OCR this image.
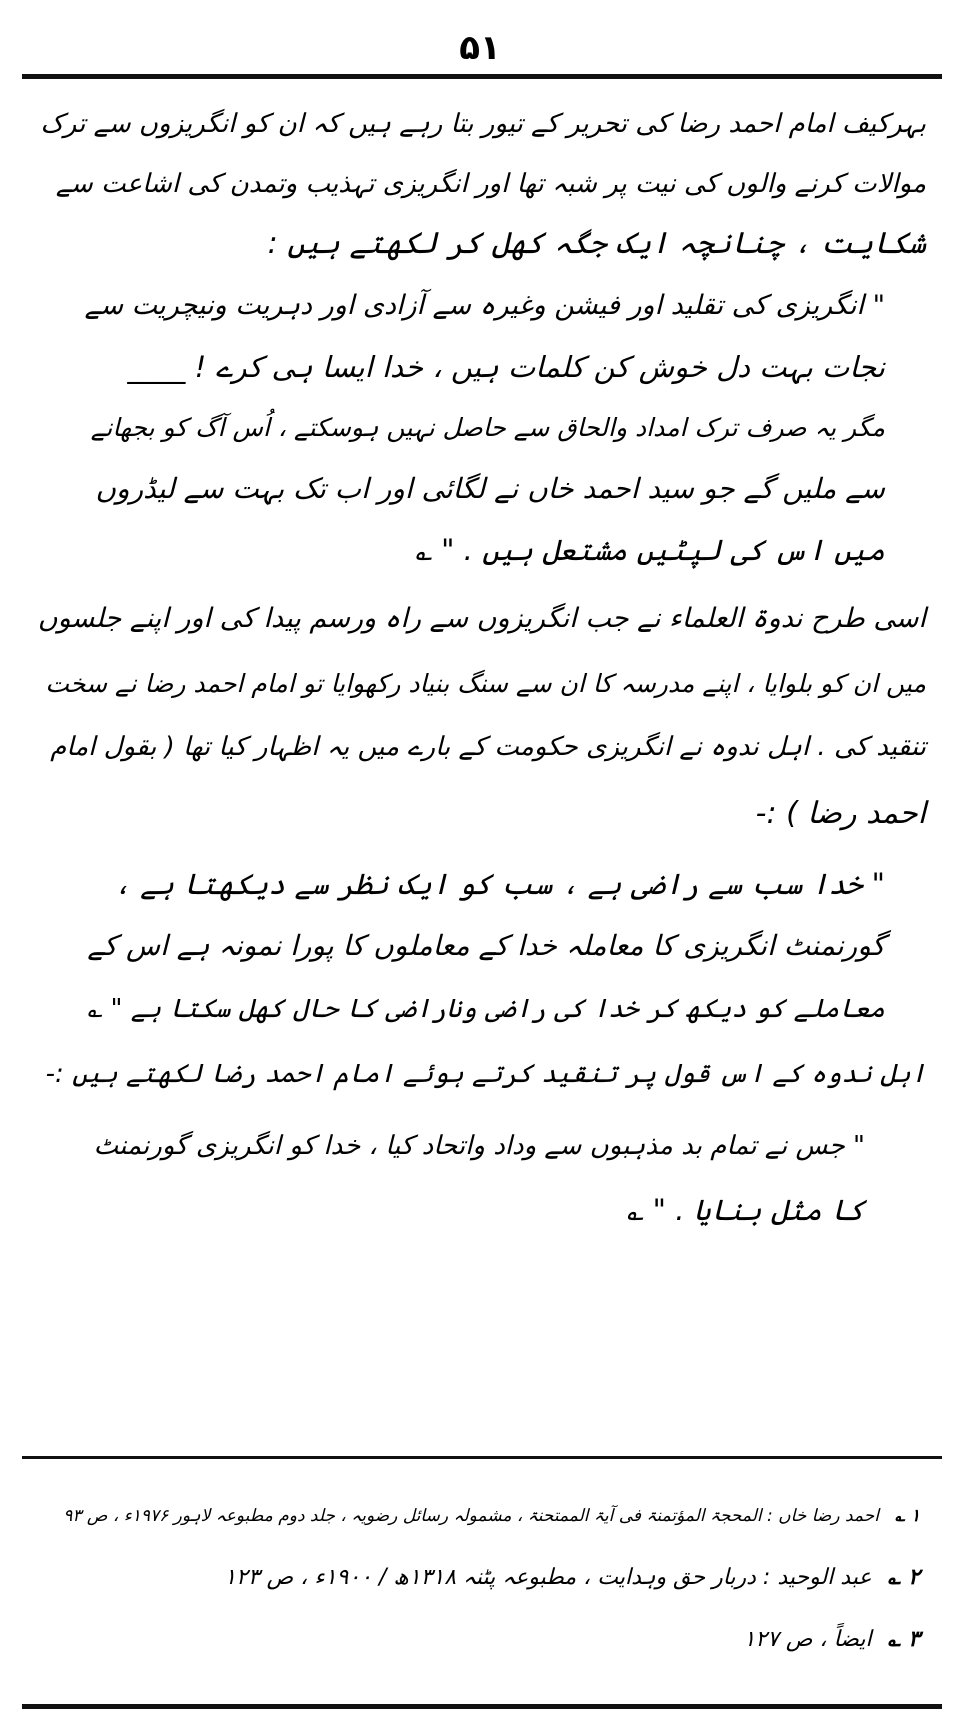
۵۱
بہرکیف امام احمد رضا کی تحریر کے تیور بتا رہے ہیں کہ ان کو انگریزوں سے ترک
موالات کرنے والوں کی نیت پر شبہ تھا اور انگریزی تہذیب وتمدن کی اشاعت سے
شکایت ، چنانچہ ایک جگہ کھل کر لکھتے ہیں :
" انگریزی کی تقلید اور فیشن وغیرہ سے آزادی اور دہریت ونیچریت سے
نجات بہت دل خوش کن کلمات ہیں ، خدا ایسا ہی کرے ! ____
مگر یہ صرف ترک امداد والحاق سے حاصل نہیں ہوسکتے ، اُس آگ کو بجھانے
سے ملیں گے جو سید احمد خاں نے لگائی اور اب تک بہت سے لیڈروں
میں اس کی لپٹیں مشتعل ہیں . " ؎
اسی طرح ندوۃ العلماء نے جب انگریزوں سے راہ ورسم پیدا کی اور اپنے جلسوں
میں ان کو بلوایا ، اپنے مدرسہ کا ان سے سنگ بنیاد رکھوایا تو امام احمد رضا نے سخت
تنقید کی . اہل ندوہ نے انگریزی حکومت کے بارے میں یہ اظہار کیا تھا ( بقول امام
احمد رضا ) :-
" خدا سب سے راضی ہے ، سب کو ایک نظر سے دیکھتا ہے ،
گورنمنٹ انگریزی کا معاملہ خدا کے معاملوں کا پورا نمونہ ہے اس کے
معاملے کو دیکھ کر خدا کی راضی وناراضی کا حال کھل سکتا ہے " ؎
اہل ندوہ کے اس قول پر تنقید کرتے ہوئے امام احمد رضا لکھتے ہیں :-
" جس نے تمام بد مذہبوں سے وداد واتحاد کیا ، خدا کو انگریزی گورنمنٹ
کا مثل بنایا . " ؎
۱ ؎احمد رضا خاں : المحجۃ المؤتمنۃ فی آیۃ الممتحنۃ ، مشمولہ رسائل رضویہ ، جلد دوم مطبوعہ لاہور ۱۹۷۶ء ، ص ۹۳
۲ ؎عبد الوحید : دربار حق وہدایت ، مطبوعہ پٹنہ ۱۳۱۸ھ / ۱۹۰۰ء ، ص ۱۲۳
۳ ؎ایضاً ، ص ۱۲۷
